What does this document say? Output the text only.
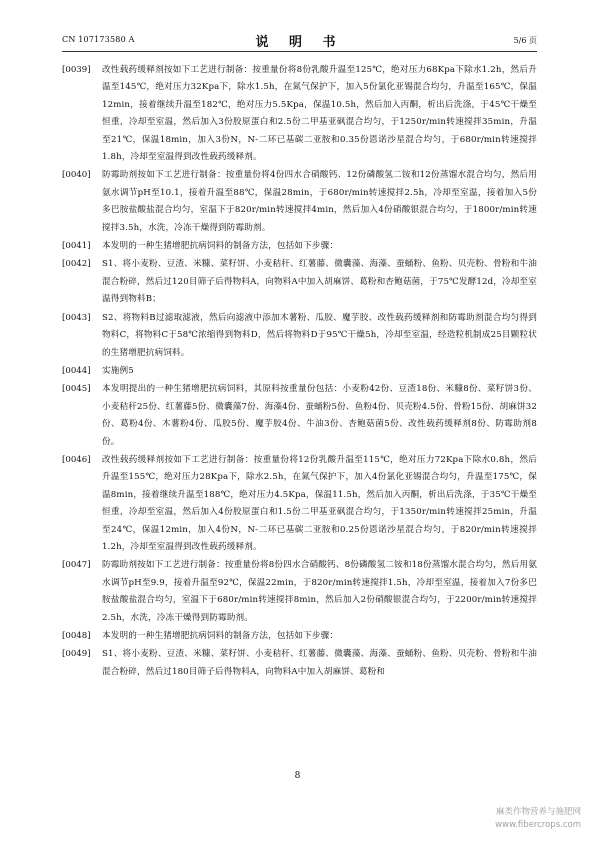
CN 107173580 A	说 明 书	5/6 页
[0039]	改性载药缓释剂按如下工艺进行制备：按重量份将8份乳酸升温至125℃，绝对压力68Kpa下除水1.2h，然后升温至145℃，绝对压力32Kpa下，除水1.5h，在氮气保护下，加入5份氯化亚锡混合均匀，升温至165℃，保温12min，接着继续升温至182℃，绝对压力5.5Kpa，保温10.5h，然后加入丙酮，析出后洗涤，于45℃干燥至恒重，冷却至室温，然后加入3份胶原蛋白和2.5份二甲基亚砜混合均匀，于1250r/min转速搅拌35min，升温至21℃，保温18min，加入3份N，N-二环已基碳二亚胺和0.35份恩诺沙星混合均匀，于680r/min转速搅拌1.8h，冷却至室温得到改性载药缓释剂。
[0040]	防霉助剂按如下工艺进行制备：按重量份将4份四水合硝酸钙、12份磷酸氢二铵和12份蒸馏水混合均匀，然后用氨水调节pH至10.1，接着升温至88℃，保温28min，于680r/min转速搅拌2.5h，冷却至室温，接着加入5份多巴胺盐酸盐混合均匀，室温下于820r/min转速搅拌4min，然后加入4份硝酸银混合均匀，于1800r/min转速搅拌3.5h，水洗，冷冻干燥得到防霉助剂。
[0041]	本发明的一种生猪增肥抗病饲料的制备方法，包括如下步骤：
[0042]	S1、将小麦粉、豆渣、米糠、菜籽饼、小麦秸秆、红薯藤、微囊藻、海藻、蚕蛹粉、鱼粉、贝壳粉、骨粉和牛油混合粉碎，然后过120目筛子后得物料A，向物料A中加入胡麻饼、葛粉和杏鲍菇菌，于75℃发酵12d，冷却至室温得到物料B；
[0043]	S2、将物料B过滤取滤液，然后向滤液中添加木薯粉、瓜胶、魔芋胶、改性载药缓释剂和防霉助剂混合均匀得到物料C，将物料C于58℃浓缩得到物料D，然后将物料D于95℃干燥5h，冷却至室温，经造粒机制成25目颗粒状的生猪增肥抗病饲料。
[0044]	实施例5
[0045]	本发明提出的一种生猪增肥抗病饲料，其原料按重量份包括：小麦粉42份、豆渣18份、米糠8份、菜籽饼3份、小麦秸秆25份、红薯藤5份、微囊藻7份、海藻4份、蚕蛹粉5份、鱼粉4份、贝壳粉4.5份、骨粉15份、胡麻饼32份、葛粉4份、木薯粉4份、瓜胶5份、魔芋胶4份、牛油3份、杏鲍菇菌5份、改性载药缓释剂8份、防霉助剂8份。
[0046]	改性载药缓释剂按如下工艺进行制备：按重量份将12份乳酸升温至115℃，绝对压力72Kpa下除水0.8h，然后升温至155℃，绝对压力28Kpa下，除水2.5h，在氮气保护下，加入4份氯化亚锡混合均匀，升温至175℃，保温8min，接着继续升温至188℃，绝对压力4.5Kpa，保温11.5h，然后加入丙酮，析出后洗涤，于35℃干燥至恒重，冷却至室温，然后加入4份胶原蛋白和1.5份二甲基亚砜混合均匀，于1350r/min转速搅拌25min，升温至24℃，保温12min，加入4份N，N-二环已基碳二亚胺和0.25份恩诺沙星混合均匀，于820r/min转速搅拌1.2h，冷却至室温得到改性载药缓释剂。
[0047]	防霉助剂按如下工艺进行制备：按重量份将8份四水合硝酸钙、8份磷酸氢二铵和18份蒸馏水混合均匀，然后用氨水调节pH至9.9，接着升温至92℃，保温22min，于820r/min转速搅拌1.5h，冷却至室温，接着加入7份多巴胺盐酸盐混合均匀，室温下于680r/min转速搅拌8min，然后加入2份硝酸银混合均匀，于2200r/min转速搅拌2.5h，水洗，冷冻干燥得到防霉助剂。
[0048]	本发明的一种生猪增肥抗病饲料的制备方法，包括如下步骤：
[0049]	S1、将小麦粉、豆渣、米糠、菜籽饼、小麦秸秆、红薯藤、微囊藻、海藻、蚕蛹粉、鱼粉、贝壳粉、骨粉和牛油混合粉碎，然后过180目筛子后得物料A，向物料A中加入胡麻饼、葛粉和
8
麻类作物营养与施肥网
www.fibercrops.com
